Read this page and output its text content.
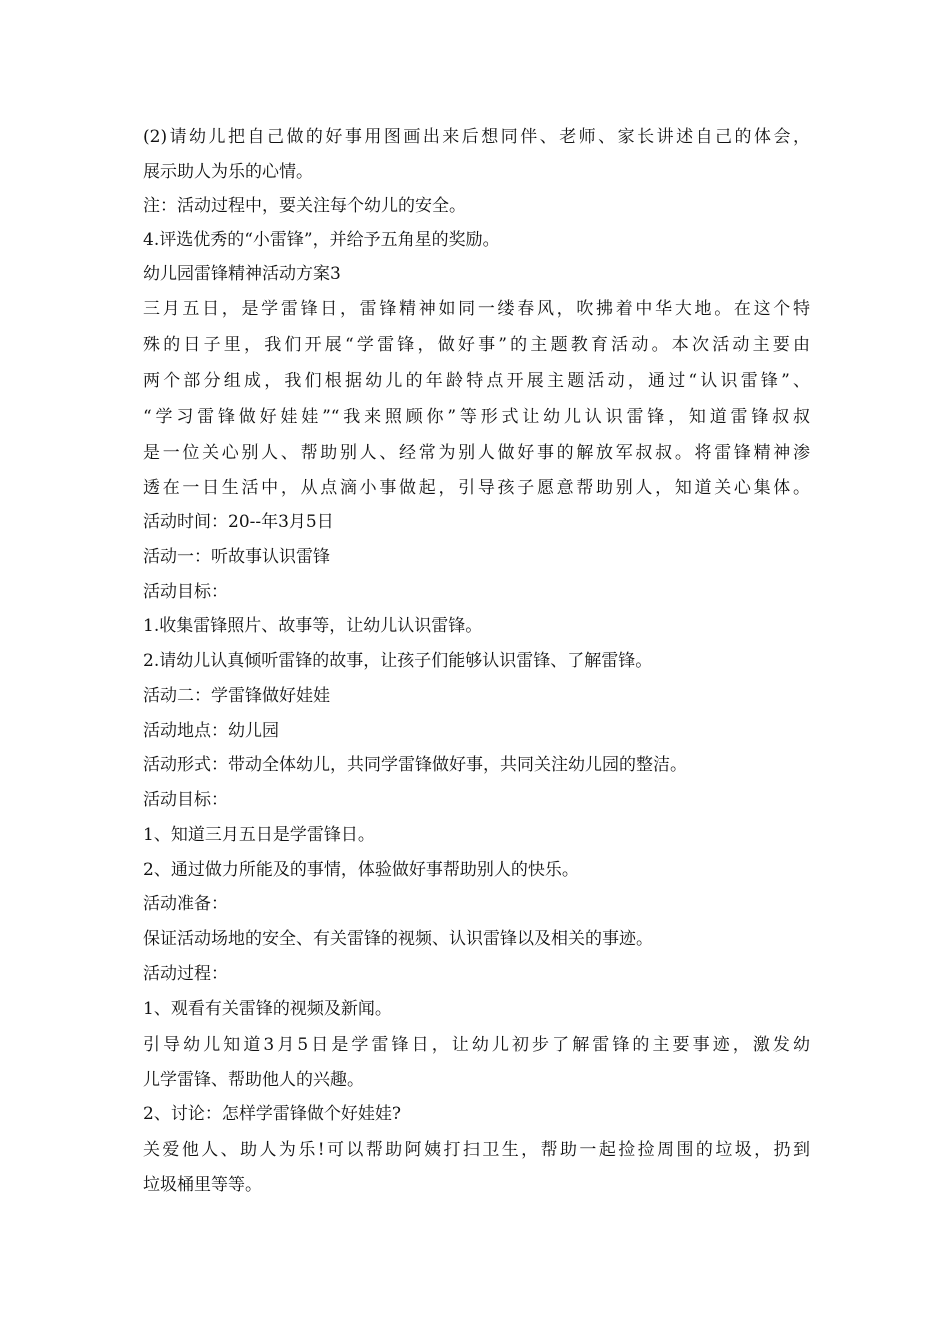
(2)请幼儿把自己做的好事用图画出来后想同伴、老师、家长讲述自己的体会，
展示助人为乐的心情。
注：活动过程中，要关注每个幼儿的安全。
4.评选优秀的“小雷锋”，并给予五角星的奖励。
幼儿园雷锋精神活动方案3
三月五日，是学雷锋日，雷锋精神如同一缕春风，吹拂着中华大地。在这个特
殊的日子里，我们开展“学雷锋，做好事”的主题教育活动。本次活动主要由
两个部分组成，我们根据幼儿的年龄特点开展主题活动，通过“认识雷锋”、
“学习雷锋做好娃娃”“我来照顾你”等形式让幼儿认识雷锋，知道雷锋叔叔
是一位关心别人、帮助别人、经常为别人做好事的解放军叔叔。将雷锋精神渗
透在一日生活中，从点滴小事做起，引导孩子愿意帮助别人，知道关心集体。
活动时间：20--年3月5日
活动一：听故事认识雷锋
活动目标：
1.收集雷锋照片、故事等，让幼儿认识雷锋。
2.请幼儿认真倾听雷锋的故事，让孩子们能够认识雷锋、了解雷锋。
活动二：学雷锋做好娃娃
活动地点：幼儿园
活动形式：带动全体幼儿，共同学雷锋做好事，共同关注幼儿园的整洁。
活动目标：
1、知道三月五日是学雷锋日。
2、通过做力所能及的事情，体验做好事帮助别人的快乐。
活动准备：
保证活动场地的安全、有关雷锋的视频、认识雷锋以及相关的事迹。
活动过程：
1、观看有关雷锋的视频及新闻。
引导幼儿知道3月5日是学雷锋日，让幼儿初步了解雷锋的主要事迹，激发幼
儿学雷锋、帮助他人的兴趣。
2、讨论：怎样学雷锋做个好娃娃?
关爱他人、助人为乐!可以帮助阿姨打扫卫生，帮助一起捡捡周围的垃圾，扔到
垃圾桶里等等。
